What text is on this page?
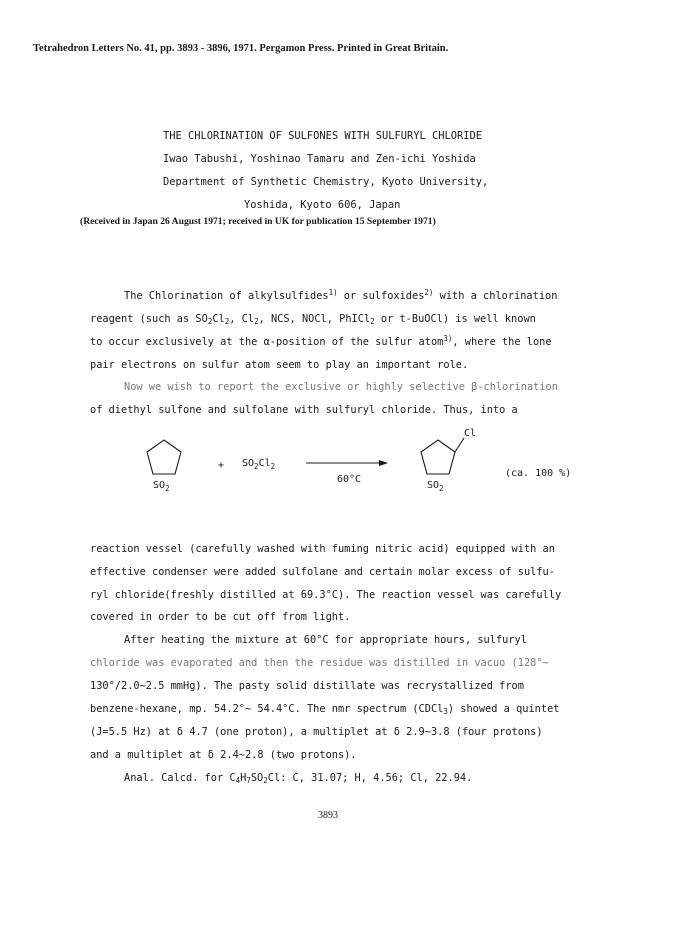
Tetrahedron Letters No. 41, pp. 3893 - 3896, 1971. Pergamon Press. Printed in Great Britain.
THE CHLORINATION OF SULFONES WITH SULFURYL CHLORIDE
Iwao Tabushi, Yoshinao Tamaru and Zen-ichi Yoshida
Department of Synthetic Chemistry, Kyoto University,
Yoshida, Kyoto 606, Japan
(Received in Japan 26 August 1971; received in UK for publication 15 September 1971)
The Chlorination of alkylsulfides$^{1)}$ or sulfoxides$^{2)}$ with a chlorination
reagent (such as $SO_2Cl_2$, $Cl_2$, NCS, NOCl, PhICl$_2$ or t-BuOCl) is well known
to occur exclusively at the α-position of the sulfur atom$^{3)}$, where the lone
pair electrons on sulfur atom seem to play an important role.
Now we wish to report the exclusive or highly selective β-chlorination
of diethyl sulfone and sulfolane with sulfuryl chloride. Thus, into a
$SO_2$
+ $SO_2Cl_2$
60°C
Cl
$SO_2$
(ca. 100 %)
reaction vessel (carefully washed with fuming nitric acid) equipped with an
effective condenser were added sulfolane and certain molar excess of sulfu-
ryl chloride(freshly distilled at 69.3°C). The reaction vessel was carefully
covered in order to be cut off from light.
After heating the mixture at 60°C for appropriate hours, sulfuryl
chloride was evaporated and then the residue was distilled in vacuo (128°~
130°/2.0~2.5 mmHg). The pasty solid distillate was recrystallized from
benzene-hexane, mp. 54.2°~ 54.4°C. The nmr spectrum (CDCl$_3$) showed a quintet
(J=5.5 Hz) at δ 4.7 (one proton), a multiplet at δ 2.9~3.8 (four protons)
and a multiplet at δ 2.4~2.8 (two protons).
Anal. Calcd. for $C_4H_7SO_2Cl$: C, 31.07; H, 4.56; Cl, 22.94.
3893
